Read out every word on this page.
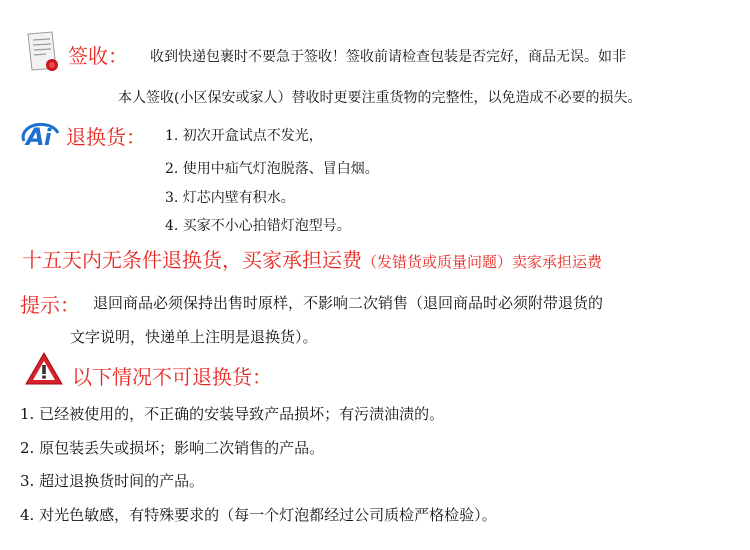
签收： 收到快递包裹时不要急于签收！签收前请检查包装是否完好，商品无误。如非
本人签收(小区保安或家人）替收时更要注重货物的完整性，以免造成不必要的损失。
A i 退换货： 1. 初次开盒试点不发光，
2. 使用中疝气灯泡脱落、冒白烟。
3. 灯芯内壁有积水。
4. 买家不小心拍错灯泡型号。
十五天内无条件退换货，买家承担运费（发错货或质量问题）卖家承担运费
提示： 退回商品必须保持出售时原样，不影响二次销售（退回商品时必须附带退货的
文字说明，快递单上注明是退换货）。
以下情况不可退换货：
1. 已经被使用的，不正确的安装导致产品损坏；有污渍油渍的。
2. 原包装丢失或损坏；影响二次销售的产品。
3. 超过退换货时间的产品。
4. 对光色敏感，有特殊要求的（每一个灯泡都经过公司质检严格检验）。
